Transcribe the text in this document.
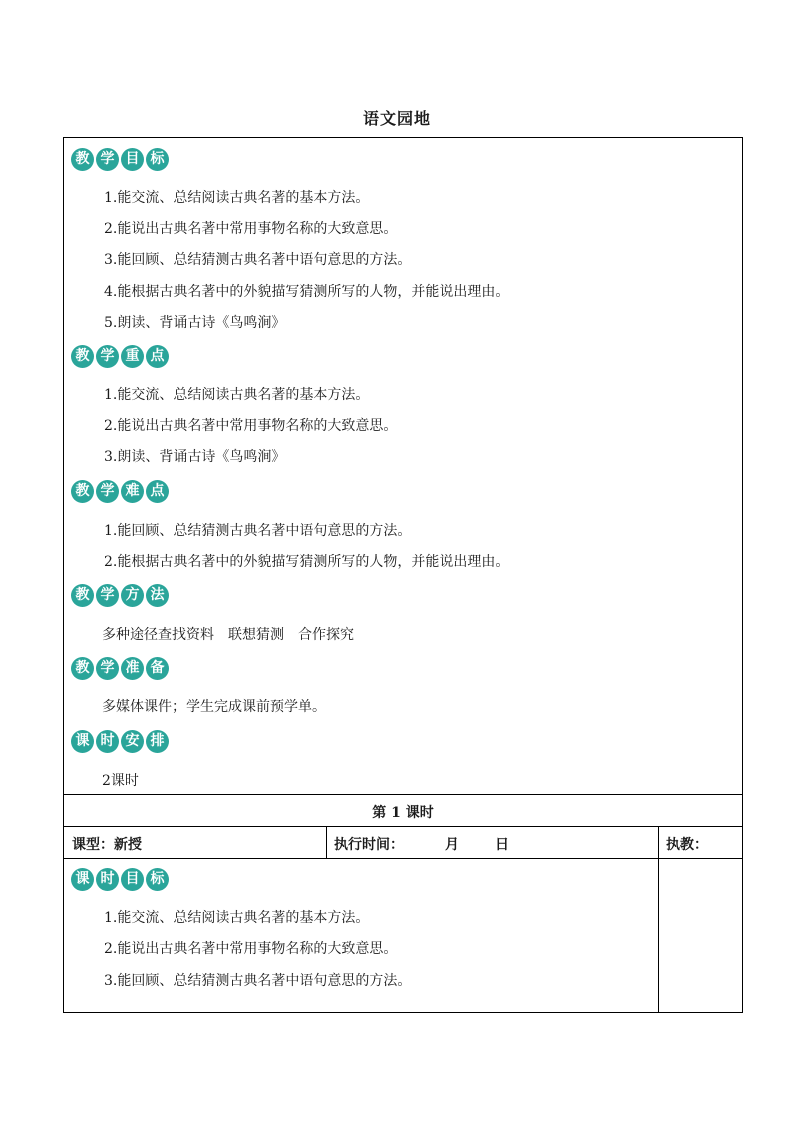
语文园地
教 学 目 标
1.能交流、总结阅读古典名著的基本方法。
2.能说出古典名著中常用事物名称的大致意思。
3.能回顾、总结猜测古典名著中语句意思的方法。
4.能根据古典名著中的外貌描写猜测所写的人物，并能说出理由。
5.朗读、背诵古诗《鸟鸣涧》
教 学 重 点
1.能交流、总结阅读古典名著的基本方法。
2.能说出古典名著中常用事物名称的大致意思。
3.朗读、背诵古诗《鸟鸣涧》
教 学 难 点
1.能回顾、总结猜测古典名著中语句意思的方法。
2.能根据古典名著中的外貌描写猜测所写的人物，并能说出理由。
教 学 方 法
多种途径查找资料　联想猜测　合作探究
教 学 准 备
多媒体课件；学生完成课前预学单。
课 时 安 排
2课时
第 1 课时
课型：新授	执行时间：	月	日	执教：
课 时 目 标
1.能交流、总结阅读古典名著的基本方法。
2.能说出古典名著中常用事物名称的大致意思。
3.能回顾、总结猜测古典名著中语句意思的方法。
